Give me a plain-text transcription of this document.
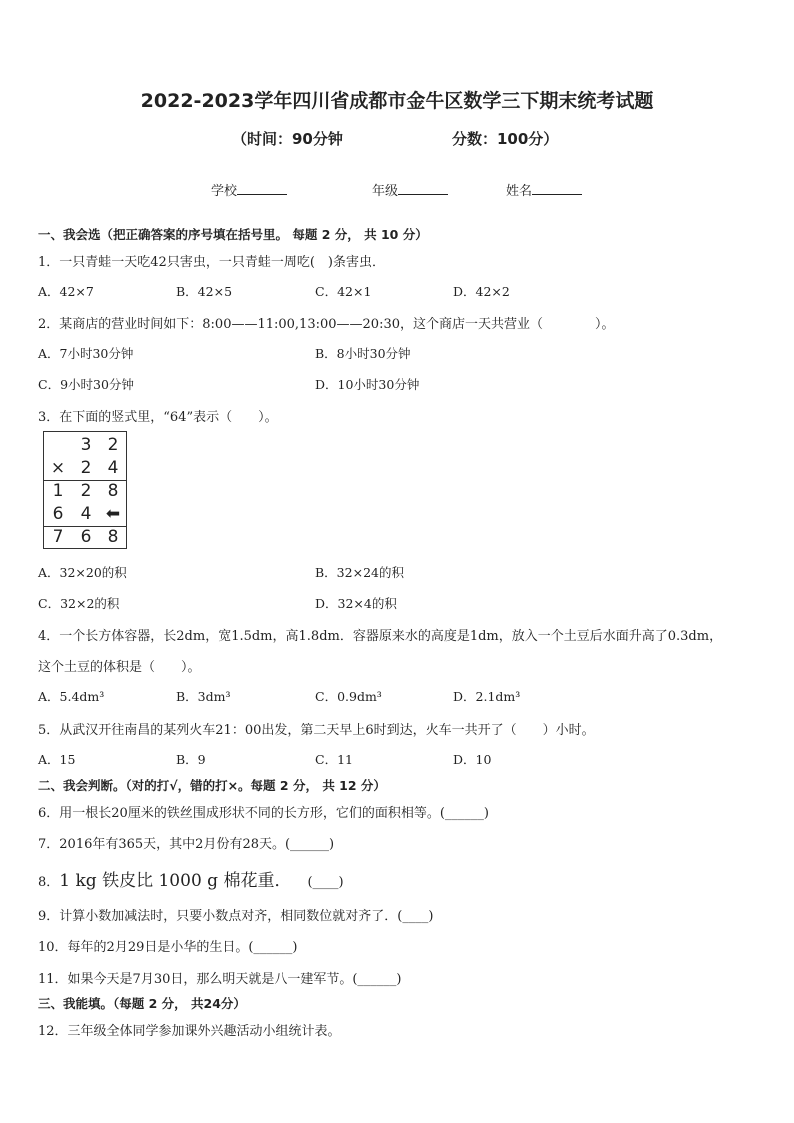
2022-2023学年四川省成都市金牛区数学三下期末统考试题
（时间：90分钟	分数：100分）
学校	年级	姓名
一、我会选（把正确答案的序号填在括号里。 每题 2 分， 共 10 分）
1．一只青蛙一天吃42只害虫，一只青蛙一周吃(　)条害虫．
A．42×7	B．42×5	C．42×1	D．42×2
2．某商店的营业时间如下：8:00——11:00,13:00——20:30，这个商店一天共营业（　　　　）。
A．7小时30分钟	B．8小时30分钟
C．9小时30分钟	D．10小时30分钟
3．在下面的竖式里，“64”表示（　　）。
3 2
× 2 4
1	2 8
6	4 ⬅
7	6 8
A．32×20的积	B．32×24的积
C．32×2的积	D．32×4的积
4．一个长方体容器，长2dm，宽1.5dm，高1.8dm．容器原来水的高度是1dm，放入一个土豆后水面升高了0.3dm，
这个土豆的体积是（　　）。
A．5.4dm³	B．3dm³	C．0.9dm³	D．2.1dm³
5．从武汉开往南昌的某列火车21：00出发，第二天早上6时到达，火车一共开了（　　）小时。
A．15	B．9	C．11	D．10
二、我会判断。（对的打√，错的打×。每题 2 分， 共 12 分）
6．用一根长20厘米的铁丝围成形状不同的长方形，它们的面积相等。(______)
7．2016年有365天，其中2月份有28天。(______)
8．1 kg 铁皮比 1000 g 棉花重． (____)
9．计算小数加减法时，只要小数点对齐，相同数位就对齐了．(____)
10．每年的2月29日是小华的生日。(______)
11．如果今天是7月30日，那么明天就是八一建军节。(______)
三、我能填。（每题 2 分， 共24分）
12．三年级全体同学参加课外兴趣活动小组统计表。
